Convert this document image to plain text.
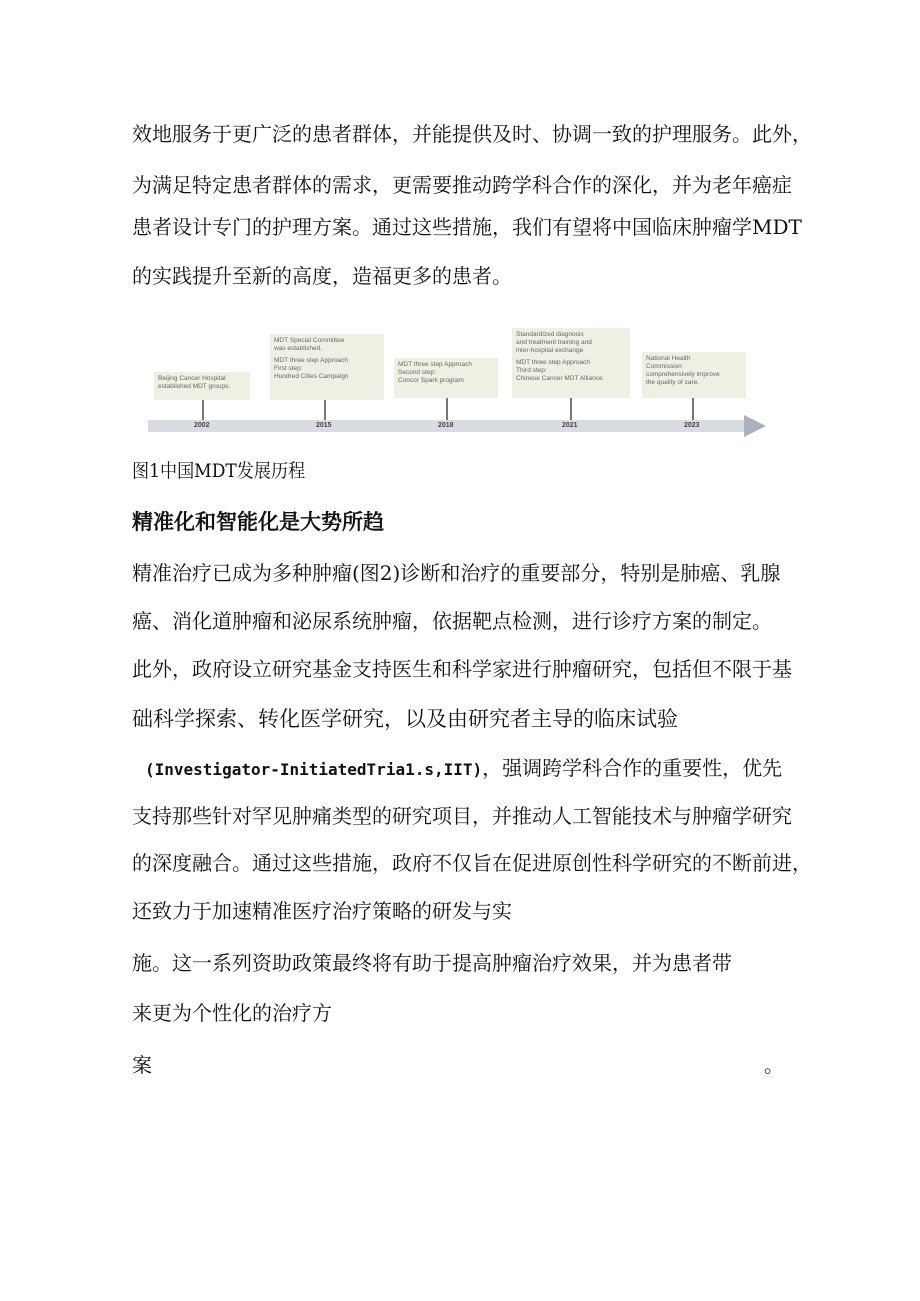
效地服务于更广泛的患者群体，并能提供及时、协调一致的护理服务。此外，
为满足特定患者群体的需求，更需要推动跨学科合作的深化，并为老年癌症
患者设计专门的护理方案。通过这些措施，我们有望将中国临床肿瘤学MDT
的实践提升至新的高度，造福更多的患者。
Beijing Cancer Hospital
established MDT groups.
MDT Special Committee
was established.
MDT three step Approach
First step:
Hundred Cities Campaign
MDT three step Approach
Second step:
Concor Spark program
Standardized diagnosis
and treatment training and
inter-hospital exchange
MDT three step Approach
Third step:
Chinese Cancer MDT Alliance
National Health
Commission
comprehensively improve
the quality of care.
2002	2015	2018	2021	2023
图1中国MDT发展历程
精准化和智能化是大势所趋
精准治疗已成为多种肿瘤(图2)诊断和治疗的重要部分，特别是肺癌、乳腺
癌、消化道肿瘤和泌尿系统肿瘤，依据靶点检测，进行诊疗方案的制定。
此外，政府设立研究基金支持医生和科学家进行肿瘤研究，包括但不限于基
础科学探索、转化医学研究，以及由研究者主导的临床试验
(Investigator-InitiatedTria1.s,IIT)，强调跨学科合作的重要性，优先
支持那些针对罕见肿痛类型的研究项目，并推动人工智能技术与肿瘤学研究
的深度融合。通过这些措施，政府不仅旨在促进原创性科学研究的不断前进，
还致力于加速精准医疗治疗策略的研发与实
施。这一系列资助政策最终将有助于提高肿瘤治疗效果，并为患者带
来更为个性化的治疗方
案	。
